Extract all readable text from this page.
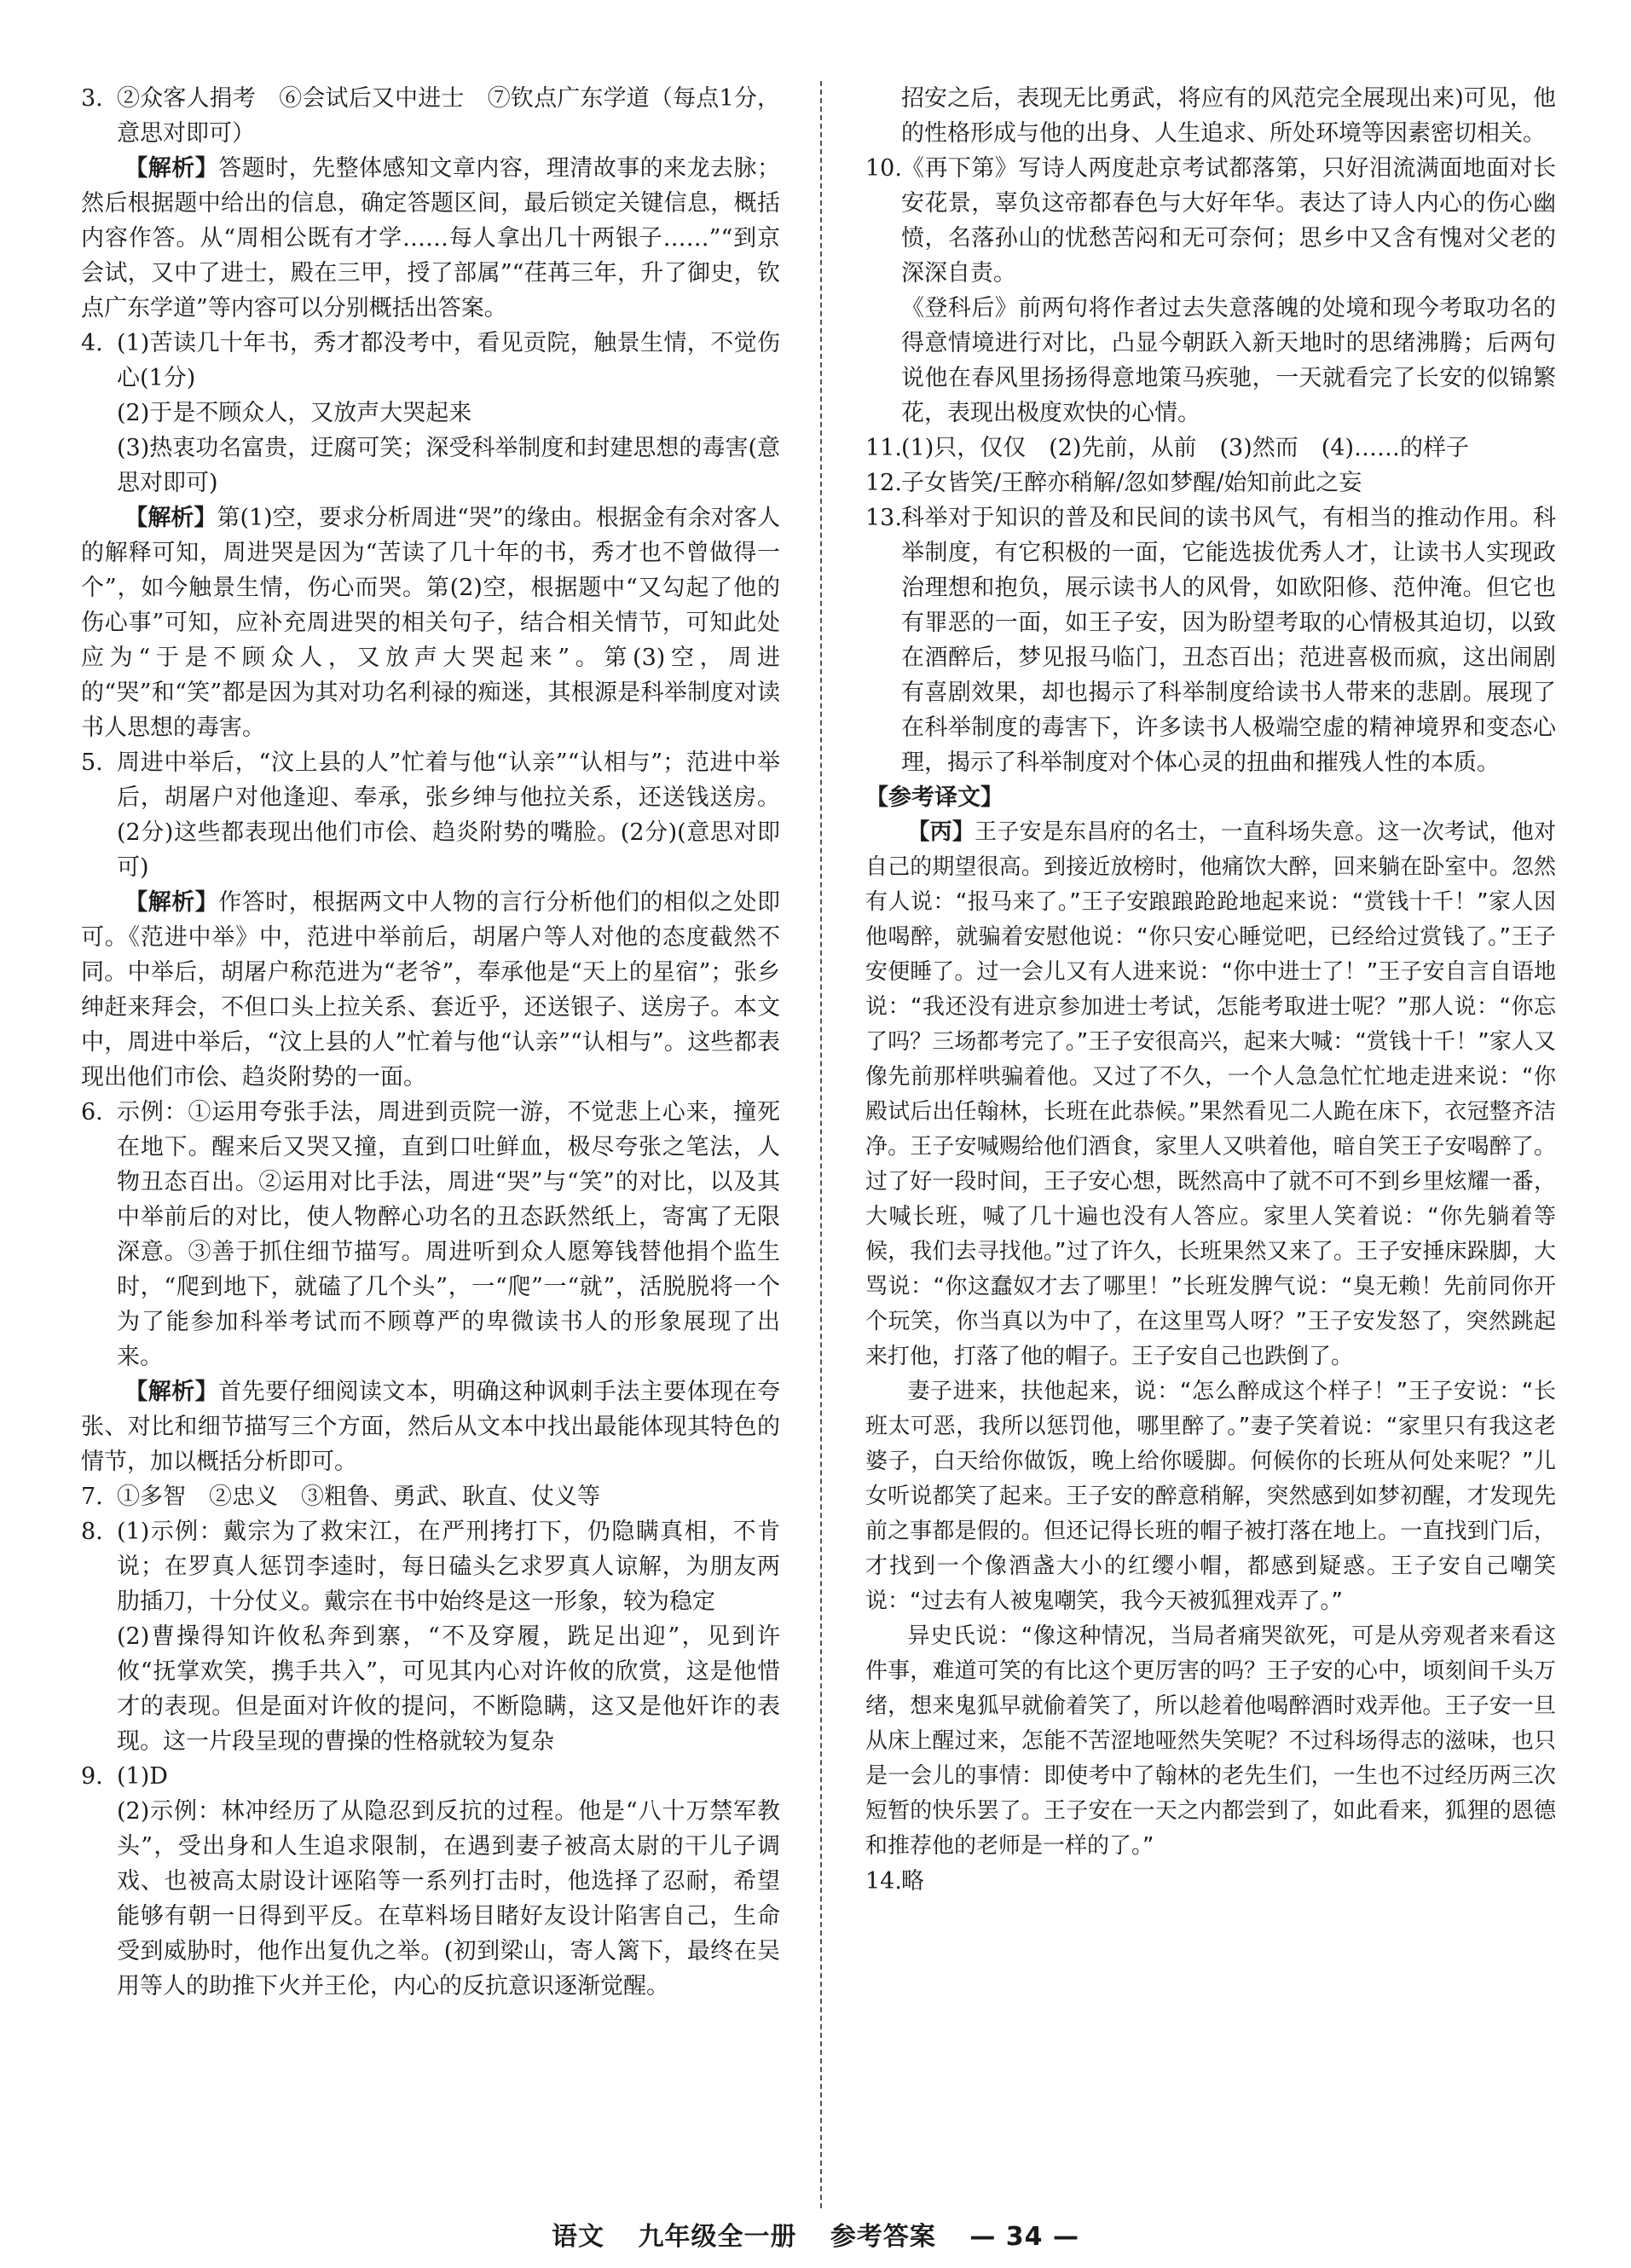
3. ②众客人捐考　⑥会试后又中进士　⑦钦点广东学道（每点1分，意思对即可）

【解析】答题时，先整体感知文章内容，理清故事的来龙去脉；然后根据题中给出的信息，确定答题区间，最后锁定关键信息，概括内容作答。从“周相公既有才学……每人拿出几十两银子……”“到京会试，又中了进士，殿在三甲，授了部属”“荏苒三年，升了御史，钦点广东学道”等内容可以分别概括出答案。

4. (1)苦读几十年书，秀才都没考中，看见贡院，触景生情，不觉伤心(1分)

(2)于是不顾众人，又放声大哭起来

(3)热衷功名富贵，迂腐可笑；深受科举制度和封建思想的毒害(意思对即可)

【解析】第(1)空，要求分析周进“哭”的缘由。根据金有余对客人的解释可知，周进哭是因为“苦读了几十年的书，秀才也不曾做得一个”，如今触景生情，伤心而哭。第(2)空，根据题中“又勾起了他的伤心事”可知，应补充周进哭的相关句子，结合相关情节，可知此处应为“于是不顾众人，又放声大哭起来”。第(3)空，周进的“哭”和“笑”都是因为其对功名利禄的痴迷，其根源是科举制度对读书人思想的毒害。

5. 周进中举后，“汶上县的人”忙着与他“认亲”“认相与”；范进中举后，胡屠户对他逢迎、奉承，张乡绅与他拉关系，还送钱送房。(2分)这些都表现出他们市侩、趋炎附势的嘴脸。(2分)(意思对即可)

【解析】作答时，根据两文中人物的言行分析他们的相似之处即可。《范进中举》中，范进中举前后，胡屠户等人对他的态度截然不同。中举后，胡屠户称范进为“老爷”，奉承他是“天上的星宿”；张乡绅赶来拜会，不但口头上拉关系、套近乎，还送银子、送房子。本文中，周进中举后，“汶上县的人”忙着与他“认亲”“认相与”。这些都表现出他们市侩、趋炎附势的一面。

6. 示例：①运用夸张手法，周进到贡院一游，不觉悲上心来，撞死在地下。醒来后又哭又撞，直到口吐鲜血，极尽夸张之笔法，人物丑态百出。②运用对比手法，周进“哭”与“笑”的对比，以及其中举前后的对比，使人物醉心功名的丑态跃然纸上，寄寓了无限深意。③善于抓住细节描写。周进听到众人愿筹钱替他捐个监生时，“爬到地下，就磕了几个头”，一“爬”一“就”，活脱脱将一个为了能参加科举考试而不顾尊严的卑微读书人的形象展现了出来。

【解析】首先要仔细阅读文本，明确这种讽刺手法主要体现在夸张、对比和细节描写三个方面，然后从文本中找出最能体现其特色的情节，加以概括分析即可。

7. ①多智　②忠义　③粗鲁、勇武、耿直、仗义等

8. (1)示例：戴宗为了救宋江，在严刑拷打下，仍隐瞒真相，不肯说；在罗真人惩罚李逵时，每日磕头乞求罗真人谅解，为朋友两肋插刀，十分仗义。戴宗在书中始终是这一形象，较为稳定

(2)曹操得知许攸私奔到寨，“不及穿履，跣足出迎”，见到许攸“抚掌欢笑，携手共入”，可见其内心对许攸的欣赏，这是他惜才的表现。但是面对许攸的提问，不断隐瞒，这又是他奸诈的表现。这一片段呈现的曹操的性格就较为复杂

9. (1)D

(2)示例：林冲经历了从隐忍到反抗的过程。他是“八十万禁军教头”，受出身和人生追求限制，在遇到妻子被高太尉的干儿子调戏、也被高太尉设计诬陷等一系列打击时，他选择了忍耐，希望能够有朝一日得到平反。在草料场目睹好友设计陷害自己，生命受到威胁时，他作出复仇之举。(初到梁山，寄人篱下，最终在吴用等人的助推下火并王伦，内心的反抗意识逐渐觉醒。

招安之后，表现无比勇武，将应有的风范完全展现出来)可见，他的性格形成与他的出身、人生追求、所处环境等因素密切相关。

10. 《再下第》写诗人两度赴京考试都落第，只好泪流满面地面对长安花景，辜负这帝都春色与大好年华。表达了诗人内心的伤心幽愤，名落孙山的忧愁苦闷和无可奈何；思乡中又含有愧对父老的深深自责。

《登科后》前两句将作者过去失意落魄的处境和现今考取功名的得意情境进行对比，凸显今朝跃入新天地时的思绪沸腾；后两句说他在春风里扬扬得意地策马疾驰，一天就看完了长安的似锦繁花，表现出极度欢快的心情。

11. (1)只，仅仅　(2)先前，从前　(3)然而　(4)……的样子

12. 子女皆笑/王醉亦稍解/忽如梦醒/始知前此之妄

13. 科举对于知识的普及和民间的读书风气，有相当的推动作用。科举制度，有它积极的一面，它能选拔优秀人才，让读书人实现政治理想和抱负，展示读书人的风骨，如欧阳修、范仲淹。但它也有罪恶的一面，如王子安，因为盼望考取的心情极其迫切，以致在酒醉后，梦见报马临门，丑态百出；范进喜极而疯，这出闹剧有喜剧效果，却也揭示了科举制度给读书人带来的悲剧。展现了在科举制度的毒害下，许多读书人极端空虚的精神境界和变态心理，揭示了科举制度对个体心灵的扭曲和摧残人性的本质。

【参考译文】

【丙】王子安是东昌府的名士，一直科场失意。这一次考试，他对自己的期望很高。到接近放榜时，他痛饮大醉，回来躺在卧室中。忽然有人说：“报马来了。”王子安踉踉跄跄地起来说：“赏钱十千！”家人因他喝醉，就骗着安慰他说：“你只安心睡觉吧，已经给过赏钱了。”王子安便睡了。过一会儿又有人进来说：“你中进士了！”王子安自言自语地说：“我还没有进京参加进士考试，怎能考取进士呢？”那人说：“你忘了吗？三场都考完了。”王子安很高兴，起来大喊：“赏钱十千！”家人又像先前那样哄骗着他。又过了不久，一个人急急忙忙地走进来说：“你殿试后出任翰林，长班在此恭候。”果然看见二人跪在床下，衣冠整齐洁净。王子安喊赐给他们酒食，家里人又哄着他，暗自笑王子安喝醉了。过了好一段时间，王子安心想，既然高中了就不可不到乡里炫耀一番，大喊长班，喊了几十遍也没有人答应。家里人笑着说：“你先躺着等候，我们去寻找他。”过了许久，长班果然又来了。王子安捶床跺脚，大骂说：“你这蠢奴才去了哪里！”长班发脾气说：“臭无赖！先前同你开个玩笑，你当真以为中了，在这里骂人呀？”王子安发怒了，突然跳起来打他，打落了他的帽子。王子安自己也跌倒了。

妻子进来，扶他起来，说：“怎么醉成这个样子！”王子安说：“长班太可恶，我所以惩罚他，哪里醉了。”妻子笑着说：“家里只有我这老婆子，白天给你做饭，晚上给你暖脚。何候你的长班从何处来呢？”儿女听说都笑了起来。王子安的醉意稍解，突然感到如梦初醒，才发现先前之事都是假的。但还记得长班的帽子被打落在地上。一直找到门后，才找到一个像酒盏大小的红缨小帽，都感到疑惑。王子安自己嘲笑说：“过去有人被鬼嘲笑，我今天被狐狸戏弄了。”

异史氏说：“像这种情况，当局者痛哭欲死，可是从旁观者来看这件事，难道可笑的有比这个更厉害的吗？王子安的心中，顷刻间千头万绪，想来鬼狐早就偷着笑了，所以趁着他喝醉酒时戏弄他。王子安一旦从床上醒过来，怎能不苦涩地哑然失笑呢？不过科场得志的滋味，也只是一会儿的事情：即使考中了翰林的老先生们，一生也不过经历两三次短暂的快乐罢了。王子安在一天之内都尝到了，如此看来，狐狸的恩德和推荐他的老师是一样的了。”

14. 略

语文 九年级全一册 参考答案 — 34 —
